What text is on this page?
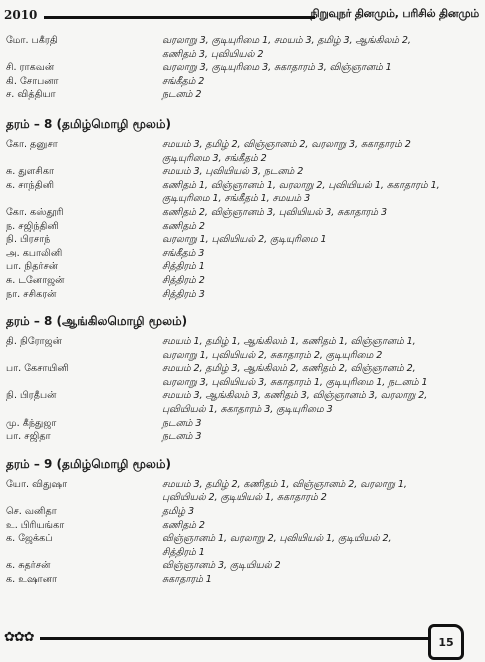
2010	நிறுவுநர் தினமும், பரிசில் தினமும்
மோ. பகீரதி	வரலாறு 3, குடியுரிமை 1, சமயம் 3, தமிழ் 3, ஆங்கிலம் 2,
கணிதம் 3, புவியியல் 2
சி. ராகவன்	வரலாறு 3, குடியுரிமை 3, சுகாதாரம் 3, விஞ்ஞானம் 1
கி. சோபனா	சங்கீதம் 2
ச. வித்தியா	நடனம் 2
தரம் – 8 (தமிழ்மொழி மூலம்)
கோ. தனுசா	சமயம் 3, தமிழ் 2, விஞ்ஞானம் 2, வரலாறு 3, சுகாதாரம் 2
குடியுரிமை 3, சங்கீதம் 2
சு. துளசிகா	சமயம் 3, புவியியல் 3, நடனம் 2
க. சாந்தினி	கணிதம் 1, விஞ்ஞானம் 1, வரலாறு 2, புவியியல் 1, சுகாதாரம் 1,
குடியுரிமை 1, சங்கீதம் 1, சமயம் 3
கோ. கஸ்தூரி	கணிதம் 2, விஞ்ஞானம் 3, புவியியல் 3, சுகாதாரம் 3
ந. சஜிந்தினி	கணிதம் 2
நி. பிரசாந்	வரலாறு 1, புவியியல் 2, குடியுரிமை 1
அ. கபாலினி	சங்கீதம் 3
பா. நிதர்சன்	சித்திரம் 1
சு. டனோஜன்	சித்திரம் 2
நா. சசிகரன்	சித்திரம் 3
தரம் – 8 (ஆங்கிலமொழி மூலம்)
தி. நிரோஜன்	சமயம் 1, தமிழ் 1, ஆங்கிலம் 1, கணிதம் 1, விஞ்ஞானம் 1,
வரலாறு 1, புவியியல் 2, சுகாதாரம் 2, குடியுரிமை 2
பா. கேசாயினி	சமயம் 2, தமிழ் 3, ஆங்கிலம் 2, கணிதம் 2, விஞ்ஞானம் 2,
வரலாறு 3, புவியியல் 3, சுகாதாரம் 1, குடியுரிமை 1, நடனம் 1
நி. பிரதீபன்	சமயம் 3, ஆங்கிலம் 3, கணிதம் 3, விஞ்ஞானம் 3, வரலாறு 2,
புவியியல் 1, சுகாதாரம் 3, குடியுரிமை 3
மு. கீந்துஜா	நடனம் 3
பா. சஜிதா	நடனம் 3
தரம் – 9 (தமிழ்மொழி மூலம்)
யோ. விதுஷா	சமயம் 3, தமிழ் 2, கணிதம் 1, விஞ்ஞானம் 2, வரலாறு 1,
புவியியல் 2, குடியியல் 1, சுகாதாரம் 2
செ. வனிதா	தமிழ் 3
உ. பிரியங்கா	கணிதம் 2
க. ஜேக்கப்	விஞ்ஞானம் 1, வரலாறு 2, புவியியல் 1, குடியியல் 2,
சித்திரம் 1
க. சுதர்சன்	விஞ்ஞானம் 3, குடியியல் 2
க. உஷானா	சுகாதாரம் 1
✿✿✿	15
